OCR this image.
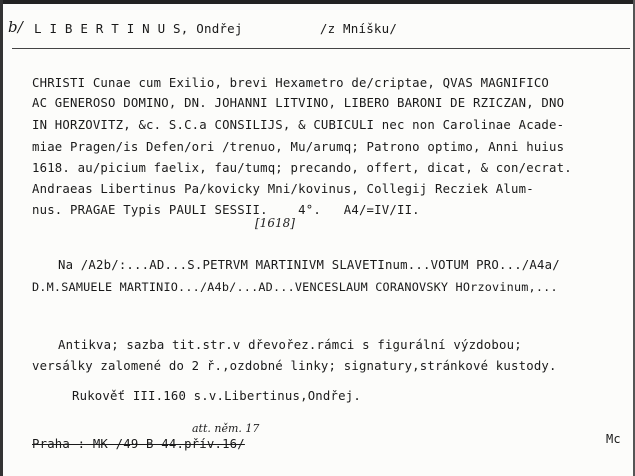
b/ L I B E R T I N U S, Ondřej          /z Mníšku/
CHRISTI Cunae cum Exilio, brevi Hexametro de/criptae, QVAS MAGNIFICO
AC GENEROSO DOMINO, DN. JOHANNI LITVINO, LIBERO BARONI DE RZICZAN, DNO
IN HORZOVITZ, &c. S.C.a CONSILIJS, & CUBICULI nec non Carolinae Acade-
miae Pragen/is Defen/ori /trenuo, Mu/arumq; Patrono optimo, Anni huius
1618. au/picium faelix, fau/tumq; precando, offert, dicat, & con/ecrat.
Andraeas Libertinus Pa/kovicky Mni/kovinus, Collegij Recziek Alum-
nus. PRAGAE Typis PAULI SESSII.    4°.   A4/=IV/II.
[1618]
Na /A2b/:...AD...S.PETRVM MARTINIVM SLAVETInum...VOTUM PRO.../A4a/
D.M.SAMUELE MARTINIO.../A4b/...AD...VENCESLAUM CORANOVSKY HOrzovinum,...
Antikva; sazba tit.str.v dřevořez.rámci s figurální výzdobou;
versálky zalomené do 2 ř.,ozdobné linky; signatury,stránkové kustody.
Rukověť III.160 s.v.Libertinus,Ondřej.
att. něm. 17
Praha : MK /49 B 44.přív.16/	Mc
